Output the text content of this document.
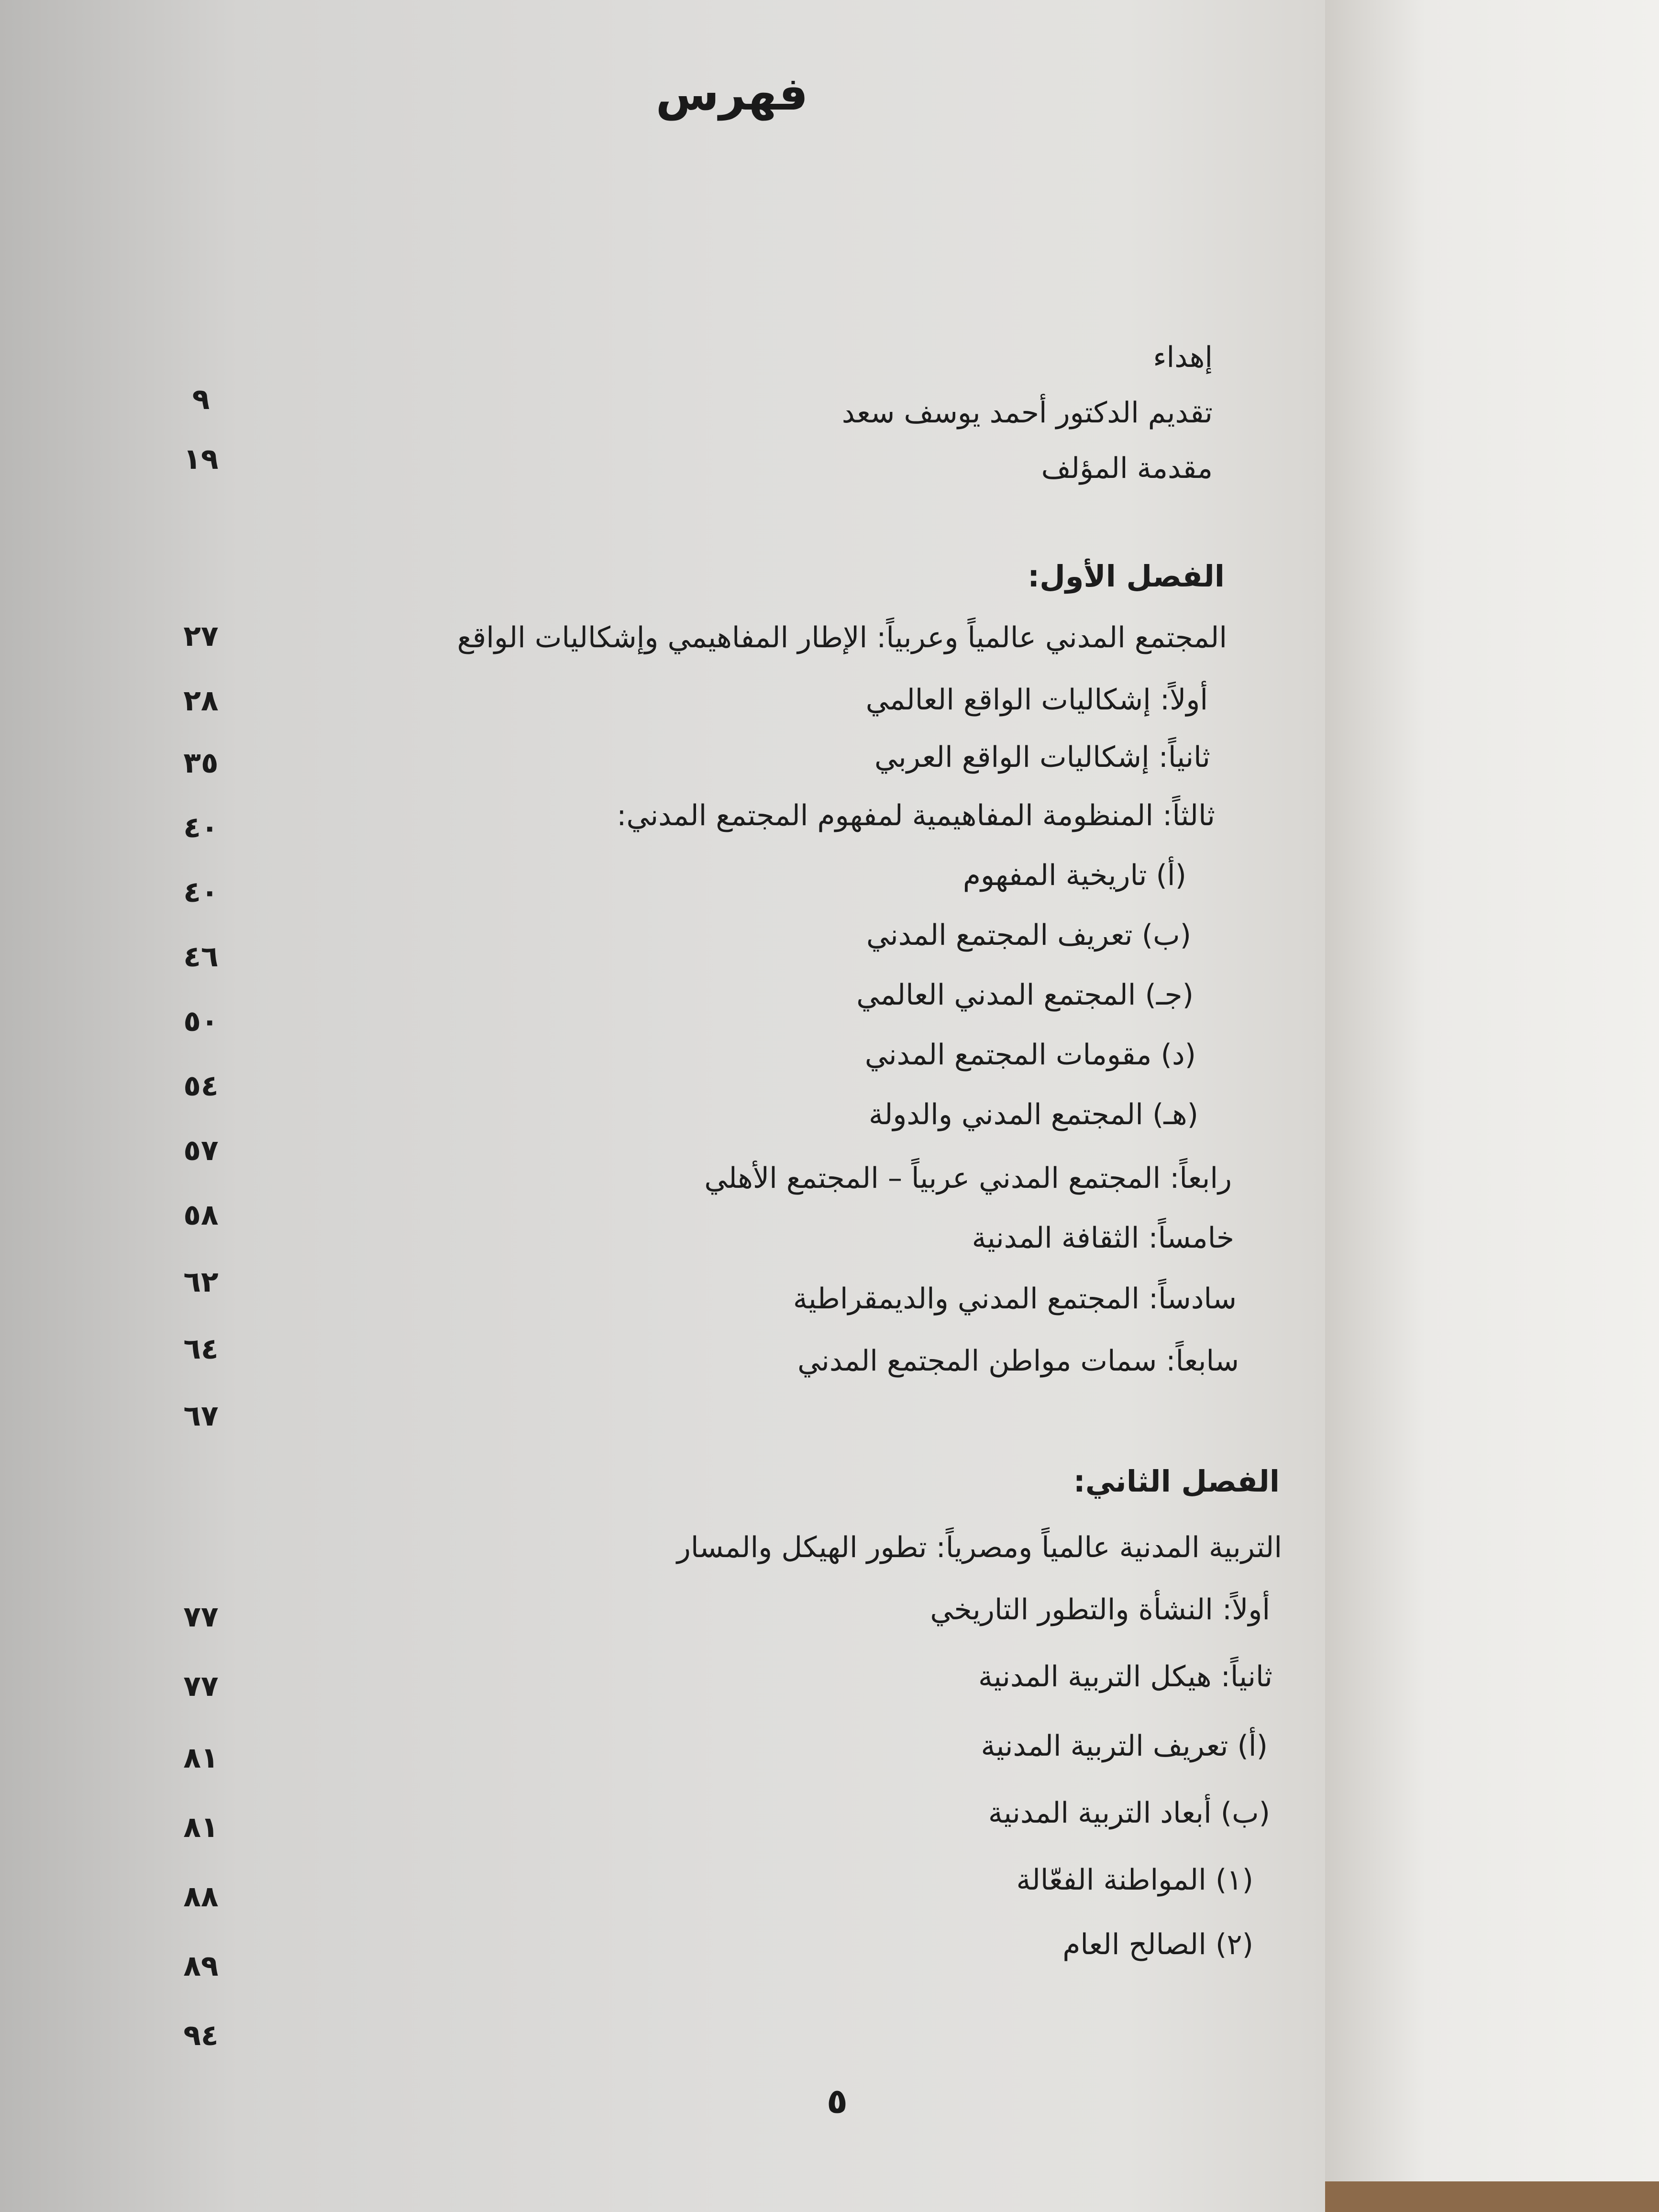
فهرس
إهداء
تقديم الدكتور أحمد يوسف سعد
مقدمة المؤلف
الفصل الأول:
المجتمع المدني عالمياً وعربياً: الإطار المفاهيمي وإشكاليات الواقع
أولاً: إشكاليات الواقع العالمي
ثانياً: إشكاليات الواقع العربي
ثالثاً: المنظومة المفاهيمية لمفهوم المجتمع المدني:
(أ) تاريخية المفهوم
(ب) تعريف المجتمع المدني
(جـ) المجتمع المدني العالمي
(د) مقومات المجتمع المدني
(هـ) المجتمع المدني والدولة
رابعاً: المجتمع المدني عربياً – المجتمع الأهلي
خامساً: الثقافة المدنية
سادساً: المجتمع المدني والديمقراطية
سابعاً: سمات مواطن المجتمع المدني
الفصل الثاني:
التربية المدنية عالمياً ومصرياً: تطور الهيكل والمسار
أولاً: النشأة والتطور التاريخي
ثانياً: هيكل التربية المدنية
(أ) تعريف التربية المدنية
(ب) أبعاد التربية المدنية
(١) المواطنة الفعّالة
(٢) الصالح العام
٩
١٩
٢٧
٢٨
٣٥
٤٠
٤٠
٤٦
٥٠
٥٤
٥٧
٥٨
٦٢
٦٤
٦٧
٧٧
٧٧
٨١
٨١
٨٨
٨٩
٩٤
٥
